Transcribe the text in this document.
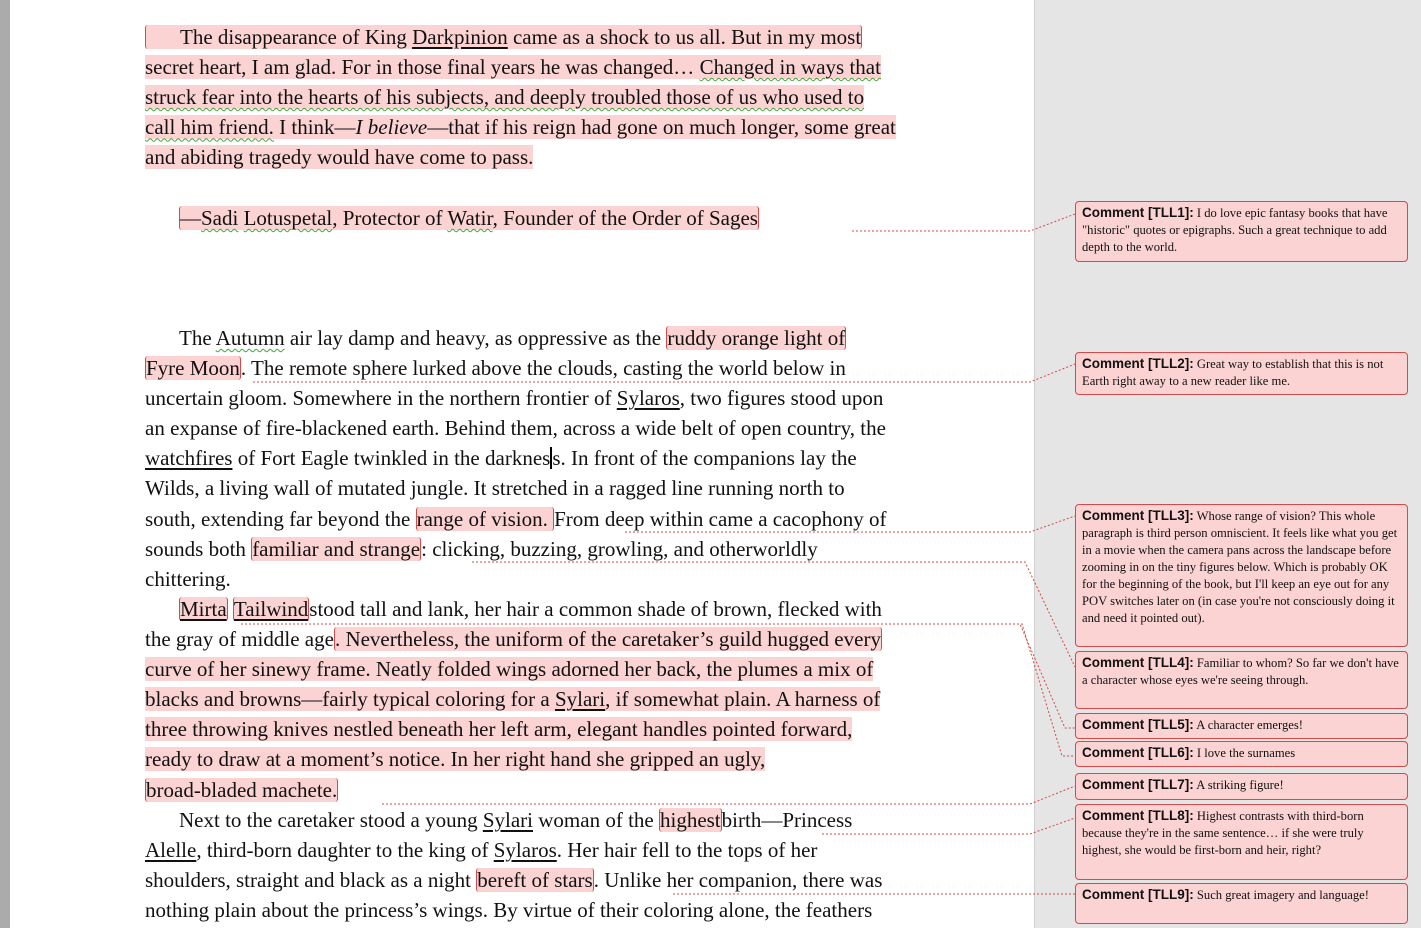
The disappearance of King Darkpinion came as a shock to us all. But in my most
secret heart, I am glad. For in those final years he was changed… Changed in ways that
struck fear into the hearts of his subjects, and deeply troubled those of us who used to
call him friend. I think—I believe—that if his reign had gone on much longer, some great
and abiding tragedy would have come to pass.
—Sadi Lotuspetal, Protector of Watir, Founder of the Order of Sages
The Autumn air lay damp and heavy, as oppressive as the ruddy orange light of
Fyre Moon. The remote sphere lurked above the clouds, casting the world below in
uncertain gloom. Somewhere in the northern frontier of Sylaros, two figures stood upon
an expanse of fire-blackened earth. Behind them, across a wide belt of open country, the
watchfires of Fort Eagle twinkled in the darkness. In front of the companions lay the
Wilds, a living wall of mutated jungle. It stretched in a ragged line running north to
south, extending far beyond the range of vision. From deep within came a cacophony of
sounds both familiar and strange: clicking, buzzing, growling, and otherworldly
chittering.
Mirta Tailwindstood tall and lank, her hair a common shade of brown, flecked with
the gray of middle age. Nevertheless, the uniform of the caretaker’s guild hugged every
curve of her sinewy frame. Neatly folded wings adorned her back, the plumes a mix of
blacks and browns—fairly typical coloring for a Sylari, if somewhat plain. A harness of
three throwing knives nestled beneath her left arm, elegant handles pointed forward,
ready to draw at a moment’s notice. In her right hand she gripped an ugly,
broad-bladed machete.
Next to the caretaker stood a young Sylari woman of the highestbirth—Princess
Alelle, third-born daughter to the king of Sylaros. Her hair fell to the tops of her
shoulders, straight and black as a night bereft of stars. Unlike her companion, there was
nothing plain about the princess’s wings. By virtue of their coloring alone, the feathers
Comment [TLL1]: I do love epic fantasy books that have "historic" quotes or epigraphs. Such a great technique to add depth to the world.
Comment [TLL2]: Great way to establish that this is not Earth right away to a new reader like me.
Comment [TLL3]: Whose range of vision? This whole paragraph is third person omniscient. It feels like what you get in a movie when the camera pans across the landscape before zooming in on the tiny figures below. Which is probably OK for the beginning of the book, but I'll keep an eye out for any POV switches later on (in case you're not consciously doing it and need it pointed out).
Comment [TLL4]: Familiar to whom? So far we don't have a character whose eyes we're seeing through.
Comment [TLL5]: A character emerges!
Comment [TLL6]: I love the surnames
Comment [TLL7]: A striking figure!
Comment [TLL8]: Highest contrasts with third-born because they're in the same sentence… if she were truly highest, she would be first-born and heir, right?
Comment [TLL9]: Such great imagery and language!
